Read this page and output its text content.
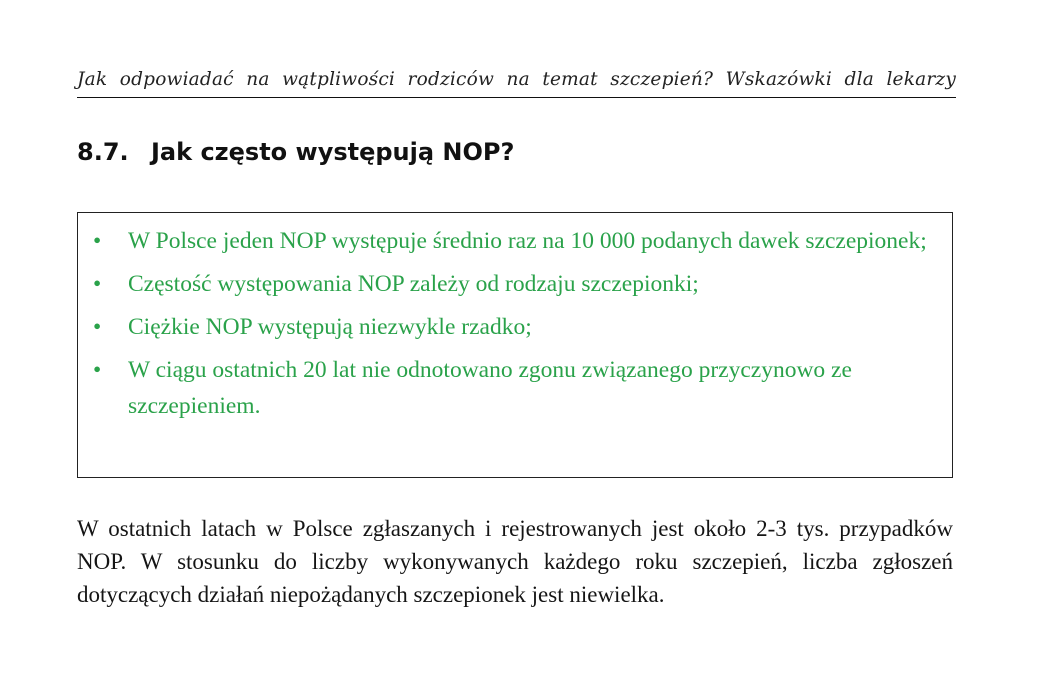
Jak odpowiadać na wątpliwości rodziców na temat szczepień? Wskazówki dla lekarzy
8.7. Jak często występują NOP?
• W Polsce jeden NOP występuje średnio raz na 10 000 podanych dawek szczepionek;
• Częstość występowania NOP zależy od rodzaju szczepionki;
• Ciężkie NOP występują niezwykle rzadko;
• W ciągu ostatnich 20 lat nie odnotowano zgonu związanego przyczynowo ze szczepieniem.
W ostatnich latach w Polsce zgłaszanych i rejestrowanych jest około 2-3 tys. przypadków NOP. W stosunku do liczby wykonywanych każdego roku szczepień, liczba zgłoszeń dotyczących działań niepożądanych szczepionek jest niewielka.
